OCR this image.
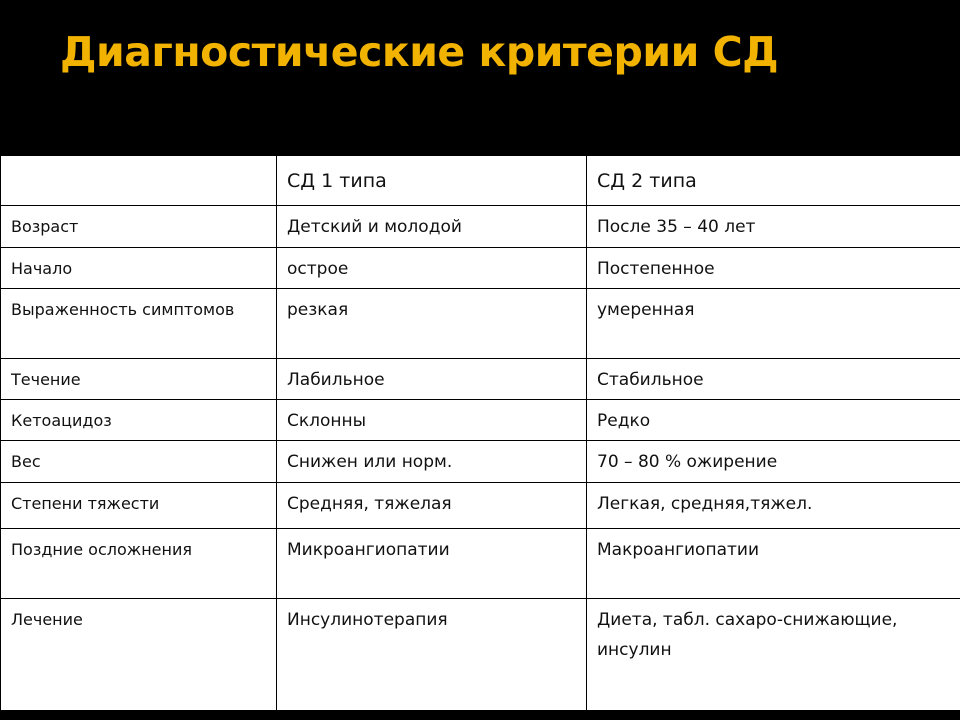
Диагностические критерии СД
	СД 1 типа	СД 2 типа
Возраст	Детский и молодой	После 35 – 40 лет
Начало	острое	Постепенное
Выраженность симптомов	резкая	умеренная
Течение	Лабильное	Стабильное
Кетоацидоз	Склонны	Редко
Вес	Снижен или норм.	70 – 80 % ожирение
Степени тяжести	Средняя, тяжелая	Легкая, средняя,тяжел.
Поздние осложнения	Микроангиопатии	Макроангиопатии
Лечение	Инсулинотерапия	Диета, табл. сахаро-снижающие, инсулин
